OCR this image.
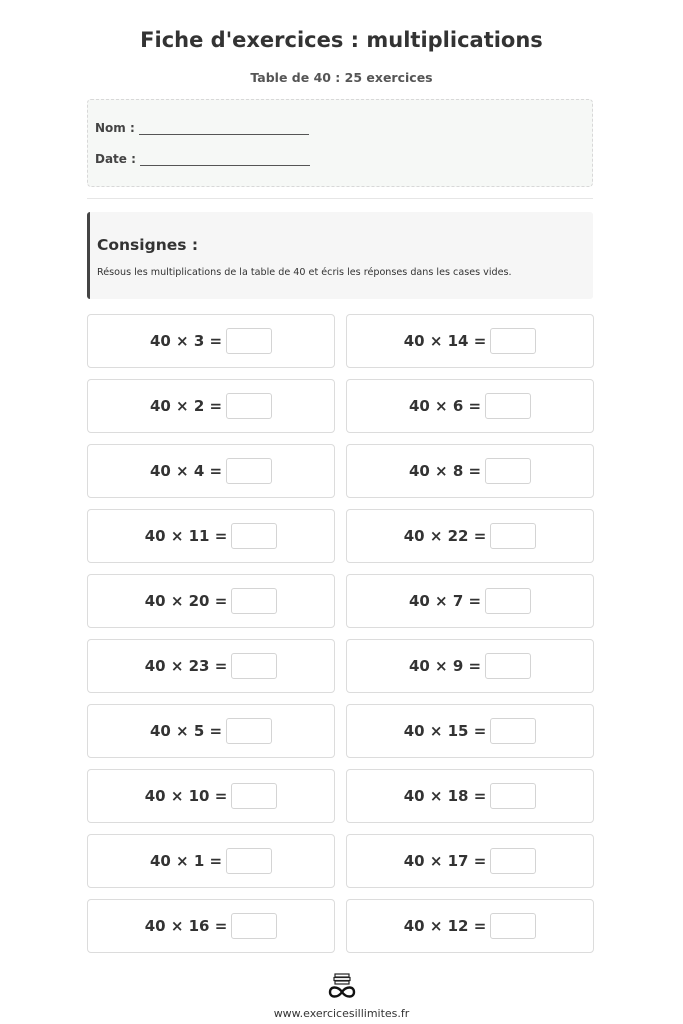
Fiche d'exercices : multiplications
Table de 40 : 25 exercices
Nom :
Date :
Consignes :
Résous les multiplications de la table de 40 et écris les réponses dans les cases vides.
40 × 3 =	40 × 14 =
40 × 2 =	40 × 6 =
40 × 4 =	40 × 8 =
40 × 11 =	40 × 22 =
40 × 20 =	40 × 7 =
40 × 23 =	40 × 9 =
40 × 5 =	40 × 15 =
40 × 10 =	40 × 18 =
40 × 1 =	40 × 17 =
40 × 16 =	40 × 12 =
www.exercicesillimites.fr
